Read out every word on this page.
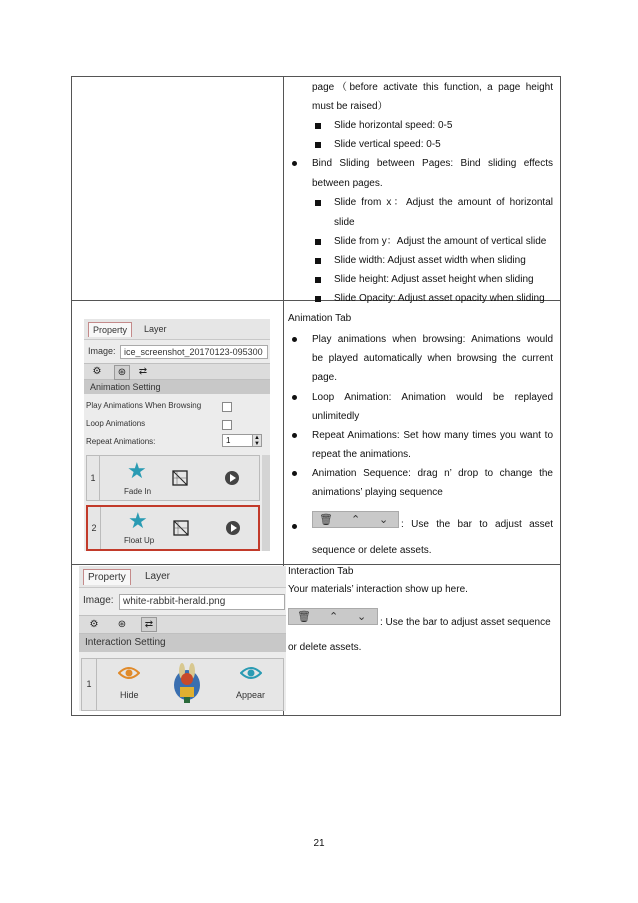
page（before activate this function, a page height
must be raised）
Slide horizontal speed: 0-5
Slide vertical speed: 0-5
Bind Sliding between Pages: Bind sliding effects
between pages.
Slide from x：Adjust the amount of horizontal
slide
Slide from y：Adjust the amount of vertical slide
Slide width: Adjust asset width when sliding
Slide height: Adjust asset height when sliding
Slide Opacity: Adjust asset opacity when sliding
Property	Layer
Image: ice_screenshot_20170123-095300
⚙	⊛	⇄
Animation Setting
Play Animations When Browsing
Loop Animations
Repeat Animations:	1	▲
▼
1 ★
Fade In
2 ★
Float Up
Animation Tab
Play animations when browsing: Animations would
be played automatically when browsing the current
page.
Loop Animation: Animation would be replayed
unlimitedly
Repeat Animations: Set how many times you want to
repeat the animations.
Animation Sequence: drag n’ drop to change the
animations’ playing sequence
🗑 ⌃ ⌄ : Use the bar to adjust asset
sequence or delete assets.
Property	Layer
Image: white-rabbit-herald.png
⚙ ⊛	⇄
Interaction Setting
1
Hide	Appear
Interaction Tab
Your materials’ interaction show up here.
🗑 ⌃ ⌄ : Use the bar to adjust asset sequence
or delete assets.
21
